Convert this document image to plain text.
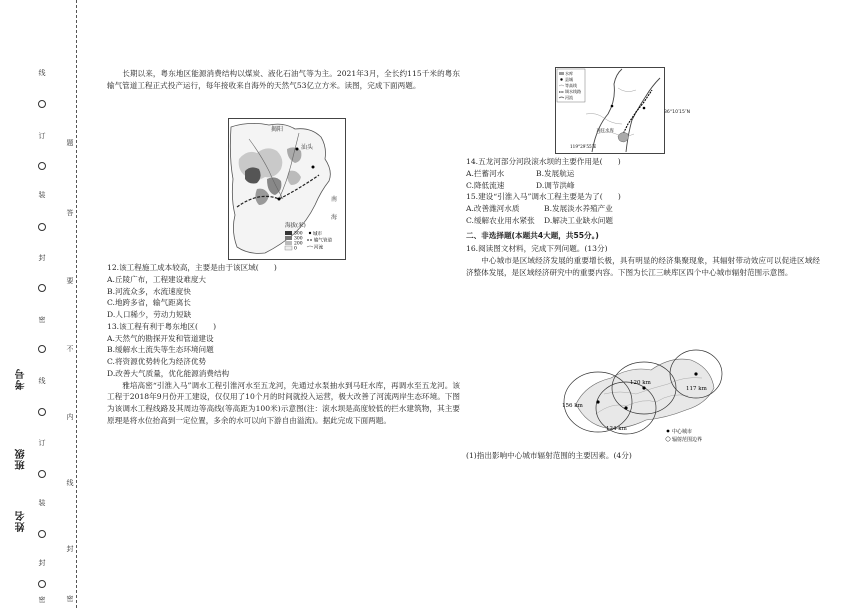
线
订
装
封
密
线
订
装
封
密
题
答
要
不
内
线
封
密
考号
班级
姓名

长期以来，粤东地区能源消费结构以煤炭、液化石油气等为主。2021年3月，全长约115千米的粤东输气管道工程正式投产运行，每年接收来自海外的天然气53亿立方米。读图，完成下面两题。

揭阳
汕头
南
海
海拔(米)
500
300
200
0
城市
输气管道
河流

12.该工程施工成本较高，主要是由于该区域(　　)

A.丘陵广布，工程建设难度大

B.河流众多，水流速度快

C.地跨多省，输气距离长

D.人口稀少，劳动力短缺

13.该工程有利于粤东地区(　　)

A.天然气的勘探开发和管道建设

B.缓解水土流失等生态环境问题

C.将资源优势转化为经济优势

D.改善大气质量，优化能源消费结构

雅培高密“引淮入马”调水工程引淮河水至五龙河，先通过水泵抽水到马旺水库，再调水至五龙河。该工程于2018年9月份开工建设，仅仅用了10个月的时间就投入运营，极大改善了河流两岸生态环境。下图为该调水工程线路及其周边等高线(等高距为100米)示意图(注：滚水坝是高度较低的拦水建筑物，其主要原理是将水位抬高到一定位置，多余的水可以向下游自由溢流)。据此完成下面两题。

水库
县城
等高线
调水线路
河流
马旺水库
119°29′55″E
36°10′15″N

14.五龙河部分河段滚水坝的主要作用是(　　)

A.拦蓄河水	B.发展航运
C.降低流速	D.调节洪峰

15.建设“引淮入马”调水工程主要是为了(　　)

A.改善潍河水质	B.发展淡水养殖产业
C.缓解农业用水紧张	D.解决工业缺水问题

二、非选择题(本题共4大题，共55分。)

16.阅读图文材料，完成下列问题。(13分)

中心城市是区域经济发展的重要增长极，具有明显的经济集聚现象，其辐射带动效应可以促进区域经济整体发展，是区域经济研究中的重要内容。下图为长江三峡库区四个中心城市辐射范围示意图。

156 km
124 km
117 km
120 km
中心城市
辐射范围边界

(1)指出影响中心城市辐射范围的主要因素。(4分)
